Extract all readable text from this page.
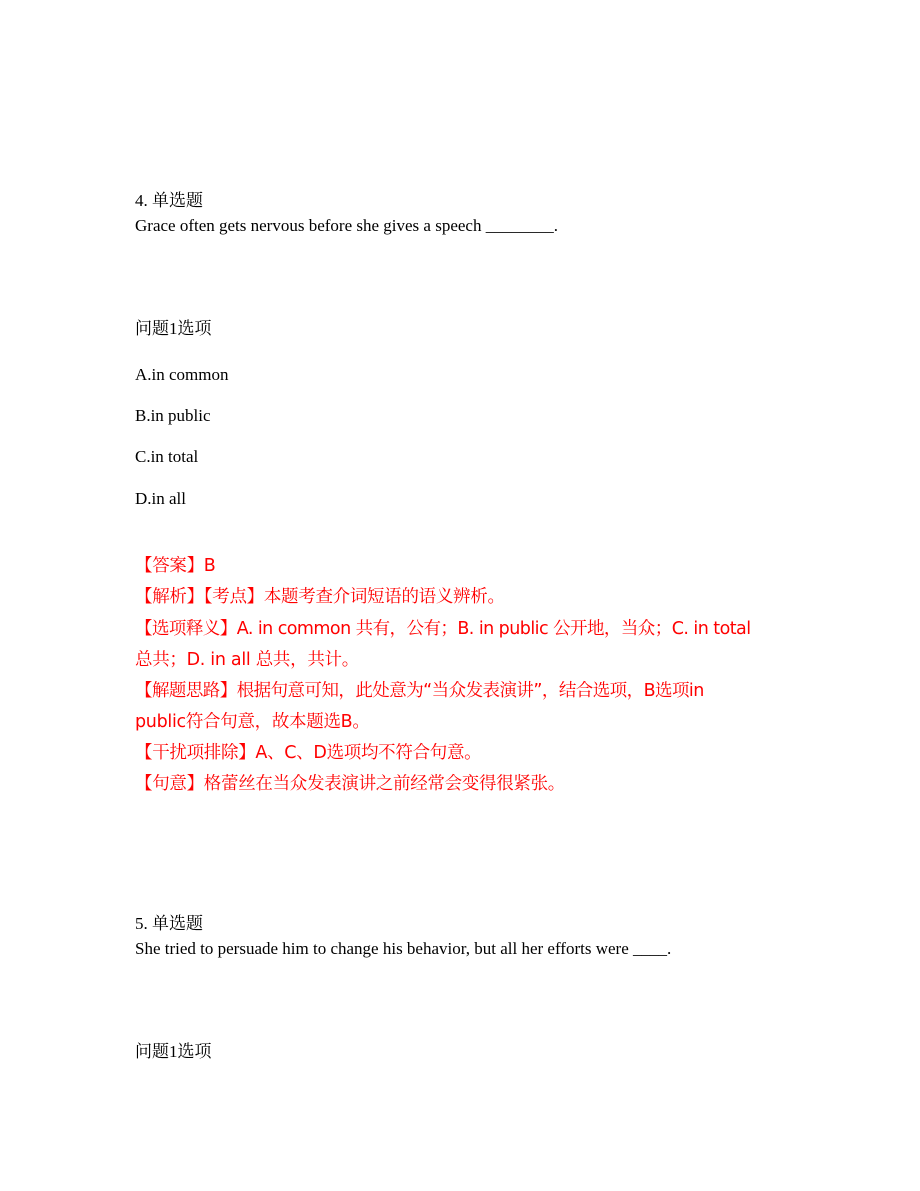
4. 单选题
Grace often gets nervous before she gives a speech ________.
问题1选项
A.in common
B.in public
C.in total
D.in all
【答案】B
【解析】【考点】本题考查介词短语的语义辨析。
【选项释义】A. in common 共有，公有；B. in public 公开地，当众；C. in total
总共；D. in all 总共，共计。
【解题思路】根据句意可知，此处意为“当众发表演讲”，结合选项，B选项in
public符合句意，故本题选B。
【干扰项排除】A、C、D选项均不符合句意。
【句意】格蕾丝在当众发表演讲之前经常会变得很紧张。
5. 单选题
She tried to persuade him to change his behavior, but all her efforts were ____.
问题1选项
